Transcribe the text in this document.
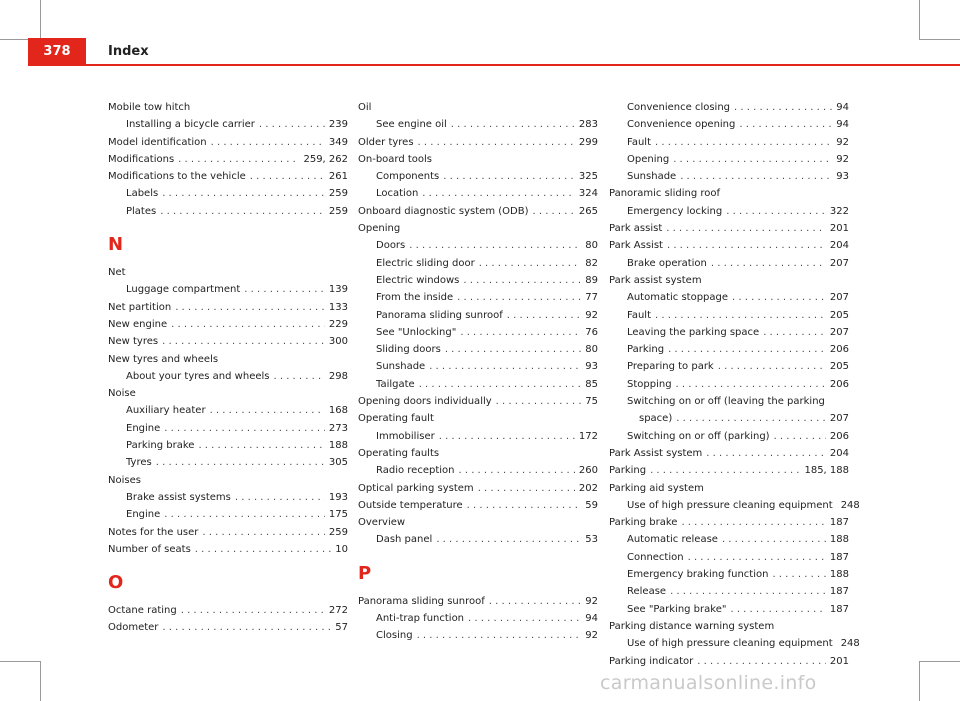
378	Index
Mobile tow hitch
Installing a bicycle carrier . . .	239
Model identification . . .	349
Modifications . . .	259, 262
Modifications to the vehicle . . .	261
Labels . . .	259
Plates . . .	259
N
Net
Luggage compartment . . .	139
Net partition . . .	133
New engine . . .	229
New tyres . . .	300
New tyres and wheels
About your tyres and wheels . . .	298
Noise
Auxiliary heater . . .	168
Engine . . .	273
Parking brake . . .	188
Tyres . . .	305
Noises
Brake assist systems . . .	193
Engine . . .	175
Notes for the user . . .	259
Number of seats . . .	10
O
Octane rating . . .	272
Odometer . . .	57
Oil
See engine oil . . .	283
Older tyres . . .	299
On-board tools
Components . . .	325
Location . . .	324
Onboard diagnostic system (ODB) . . .	265
Opening
Doors . . .	80
Electric sliding door . . .	82
Electric windows . . .	89
From the inside . . .	77
Panorama sliding sunroof . . .	92
See "Unlocking" . . .	76
Sliding doors . . .	80
Sunshade . . .	93
Tailgate . . .	85
Opening doors individually . . .	75
Operating fault
Immobiliser . . .	172
Operating faults
Radio reception . . .	260
Optical parking system . . .	202
Outside temperature . . .	59
Overview
Dash panel . . .	53
P
Panorama sliding sunroof . . .	92
Anti-trap function . . .	94
Closing . . .	92
Convenience closing . . .	94
Convenience opening . . .	94
Fault . . .	92
Opening . . .	92
Sunshade . . .	93
Panoramic sliding roof
Emergency locking . . .	322
Park assist . . .	201
Park Assist . . .	204
Brake operation . . .	207
Park assist system
Automatic stoppage . . .	207
Fault . . .	205
Leaving the parking space . . .	207
Parking . . .	206
Preparing to park . . .	205
Stopping . . .	206
Switching on or off (leaving the parking
space) . . .	207
Switching on or off (parking) . . .	206
Park Assist system . . .	204
Parking . . .	185, 188
Parking aid system
Use of high pressure cleaning equipment 248
Parking brake . . .	187
Automatic release . . .	188
Connection . . .	187
Emergency braking function . . .	188
Release . . .	187
See "Parking brake" . . .	187
Parking distance warning system
Use of high pressure cleaning equipment 248
Parking indicator . . .	201
carmanualsonline.info
